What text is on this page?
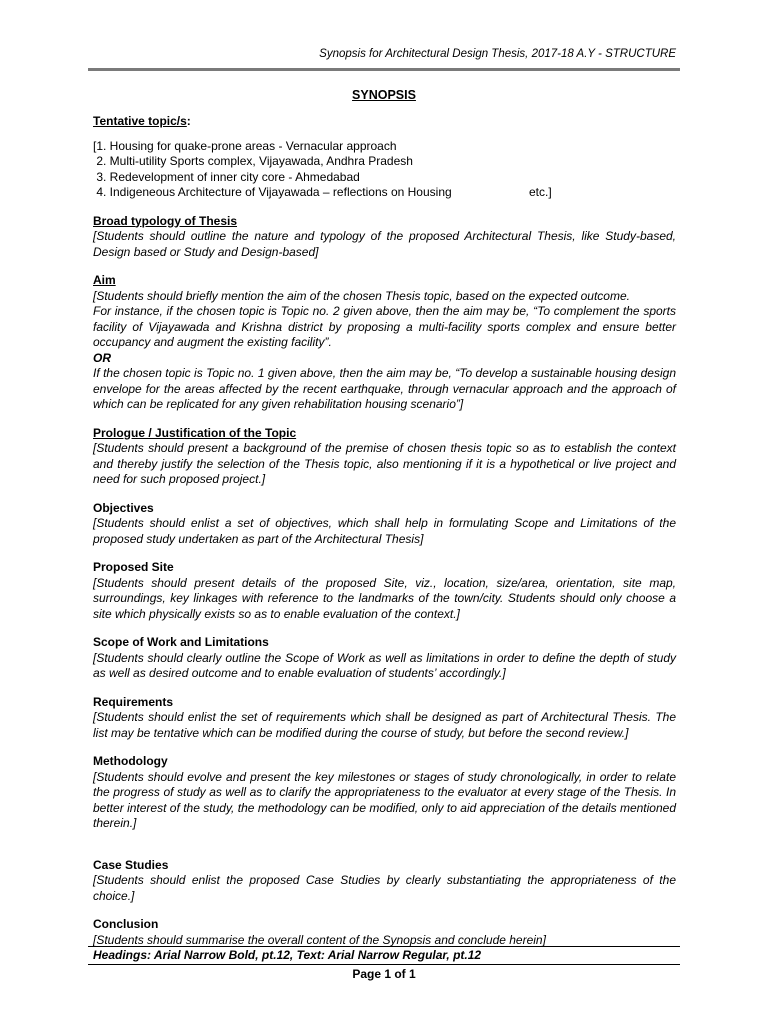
Synopsis for Architectural Design Thesis, 2017-18 A.Y - STRUCTURE
SYNOPSIS

Tentative topic/s:

[1. Housing for quake-prone areas - Vernacular approach
2. Multi-utility Sports complex, Vijayawada, Andhra Pradesh
3. Redevelopment of inner city core - Ahmedabad
4. Indigeneous Architecture of Vijayawada – reflections on Housing	etc.]

Broad typology of Thesis

[Students should outline the nature and typology of the proposed Architectural Thesis, like Study-based, Design based or Study and Design-based]

Aim

[Students should briefly mention the aim of the chosen Thesis topic, based on the expected outcome.

For instance, if the chosen topic is Topic no. 2 given above, then the aim may be, “To complement the sports facility of Vijayawada and Krishna district by proposing a multi-facility sports complex and ensure better occupancy and augment the existing facility”.

OR

If the chosen topic is Topic no. 1 given above, then the aim may be, “To develop a sustainable housing design envelope for the areas affected by the recent earthquake, through vernacular approach and the approach of which can be replicated for any given rehabilitation housing scenario”]

Prologue / Justification of the Topic

[Students should present a background of the premise of chosen thesis topic so as to establish the context and thereby justify the selection of the Thesis topic, also mentioning if it is a hypothetical or live project and need for such proposed project.]

Objectives

[Students should enlist a set of objectives, which shall help in formulating Scope and Limitations of the proposed study undertaken as part of the Architectural Thesis]

Proposed Site

[Students should present details of the proposed Site, viz., location, size/area, orientation, site map, surroundings, key linkages with reference to the landmarks of the town/city. Students should only choose a site which physically exists so as to enable evaluation of the context.]

Scope of Work and Limitations

[Students should clearly outline the Scope of Work as well as limitations in order to define the depth of study as well as desired outcome and to enable evaluation of students’ accordingly.]

Requirements

[Students should enlist the set of requirements which shall be designed as part of Architectural Thesis. The list may be tentative which can be modified during the course of study, but before the second review.]

Methodology

[Students should evolve and present the key milestones or stages of study chronologically, in order to relate the progress of study as well as to clarify the appropriateness to the evaluator at every stage of the Thesis. In better interest of the study, the methodology can be modified, only to aid appreciation of the details mentioned therein.]

Case Studies

[Students should enlist the proposed Case Studies by clearly substantiating the appropriateness of the choice.]

Conclusion

[Students should summarise the overall content of the Synopsis and conclude herein]

Headings: Arial Narrow Bold, pt.12, Text: Arial Narrow Regular, pt.12
Page 1 of 1
